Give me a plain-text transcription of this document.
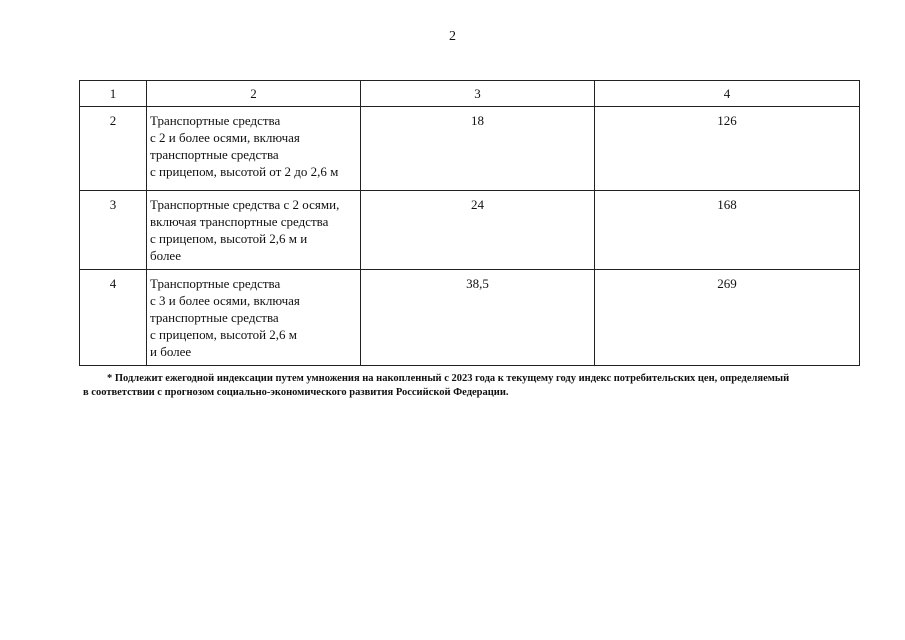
2
1	2	3	4
2	Транспортные средства
с 2 и более осями, включая
транспортные средства
с прицепом, высотой от 2 до 2,6 м	18	126
3	Транспортные средства с 2 осями,
включая транспортные средства
с прицепом, высотой 2,6 м и
более	24	168
4	Транспортные средства
с 3 и более осями, включая
транспортные средства
с прицепом, высотой 2,6 м
и более	38,5	269
* Подлежит ежегодной индексации путем умножения на накопленный с 2023 года к текущему году индекс потребительских цен, определяемый
в соответствии с прогнозом социально-экономического развития Российской Федерации.
